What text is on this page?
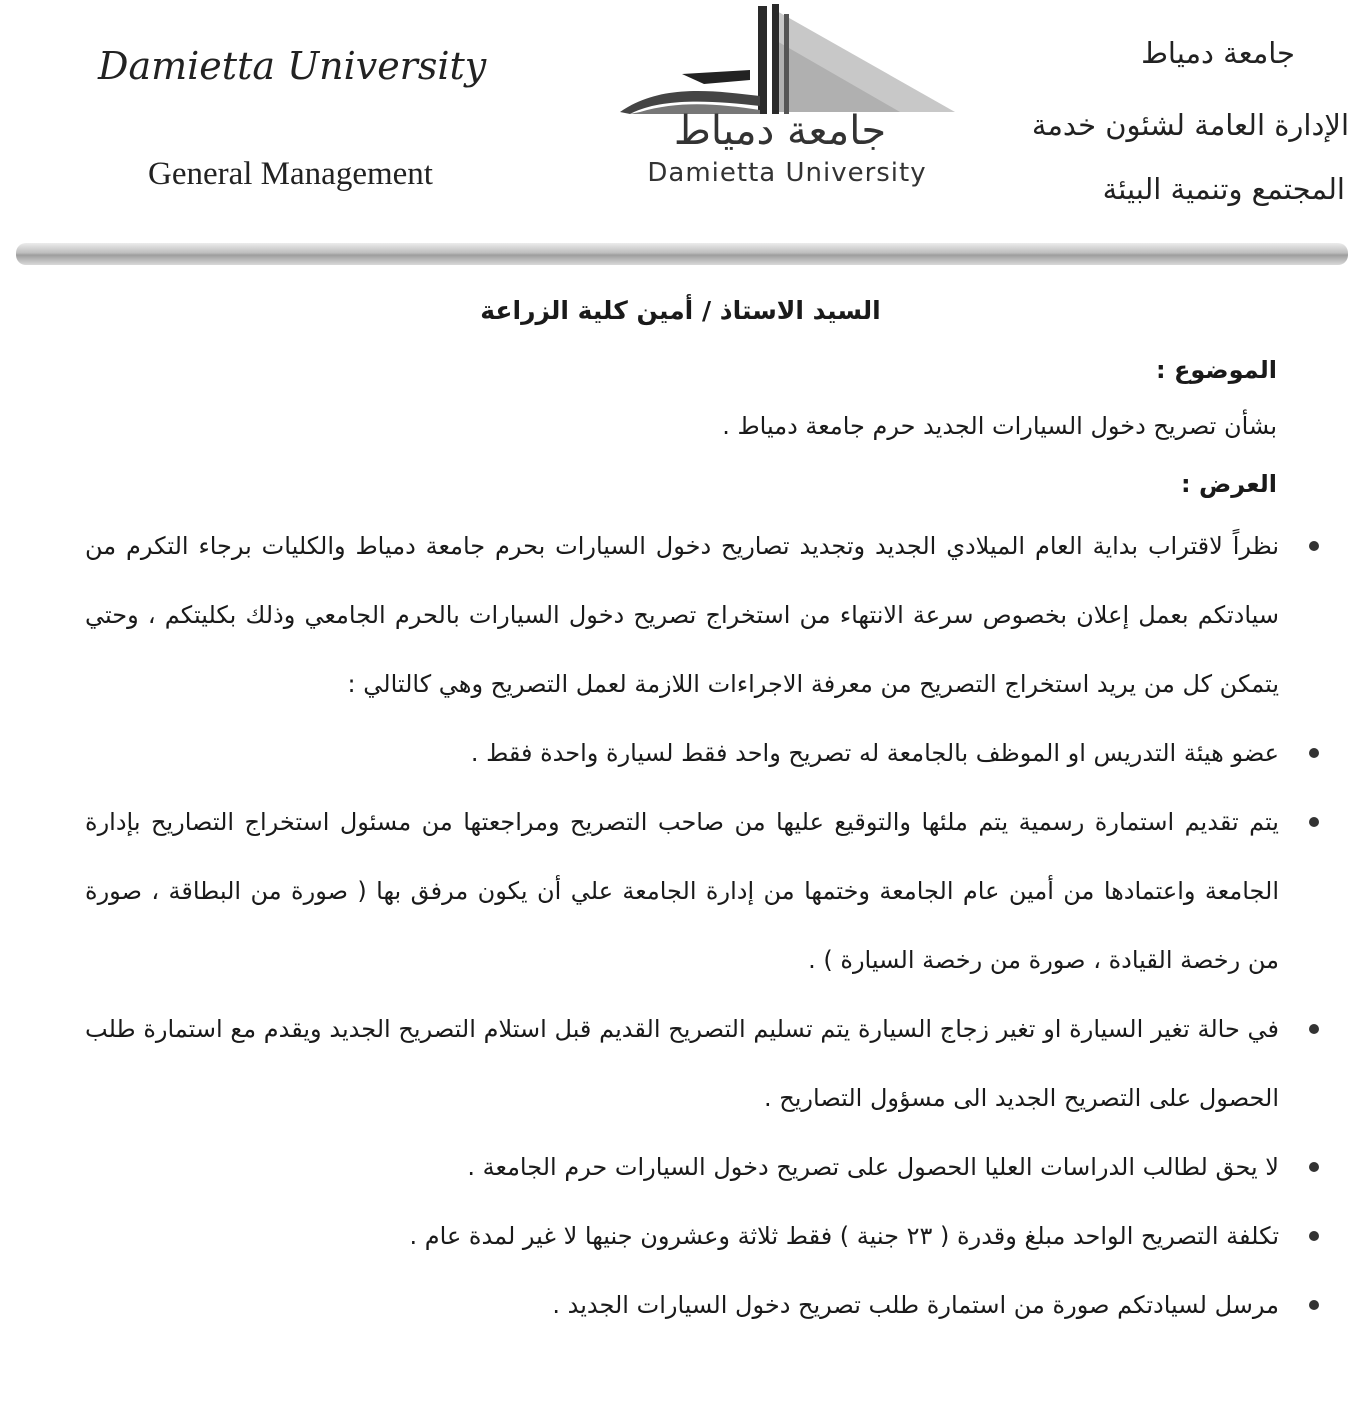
Damietta University
General Management
جامعة دمياط
Damietta University
جامعة دمياط
الإدارة العامة لشئون خدمة
المجتمع وتنمية البيئة
السيد الاستاذ / أمين كلية الزراعة
الموضوع :
بشأن تصريح دخول السيارات الجديد حرم جامعة دمياط .
العرض :
نظراً لاقتراب بداية العام الميلادي الجديد وتجديد تصاريح دخول السيارات بحرم جامعة دمياط والكليات برجاء التكرم من سيادتكم بعمل إعلان بخصوص سرعة الانتهاء من استخراج تصريح دخول السيارات بالحرم الجامعي وذلك بكليتكم ، وحتي يتمكن كل من يريد استخراج التصريح من معرفة الاجراءات اللازمة لعمل التصريح وهي كالتالي :
عضو هيئة التدريس او الموظف بالجامعة له تصريح واحد فقط لسيارة واحدة فقط .
يتم تقديم استمارة رسمية يتم ملئها والتوقيع عليها من صاحب التصريح ومراجعتها من مسئول استخراج التصاريح بإدارة الجامعة واعتمادها من أمين عام الجامعة وختمها من إدارة الجامعة علي أن يكون مرفق بها ( صورة من البطاقة ، صورة من رخصة القيادة ، صورة من رخصة السيارة ) .
في حالة تغير السيارة او تغير زجاج السيارة يتم تسليم التصريح القديم قبل استلام التصريح الجديد ويقدم مع استمارة طلب الحصول على التصريح الجديد الى مسؤول التصاريح .
لا يحق لطالب الدراسات العليا الحصول على تصريح دخول السيارات حرم الجامعة .
تكلفة التصريح الواحد مبلغ وقدرة ( ٢٣ جنية ) فقط ثلاثة وعشرون جنيها لا غير لمدة عام .
مرسل لسيادتكم صورة من استمارة طلب تصريح دخول السيارات الجديد .
